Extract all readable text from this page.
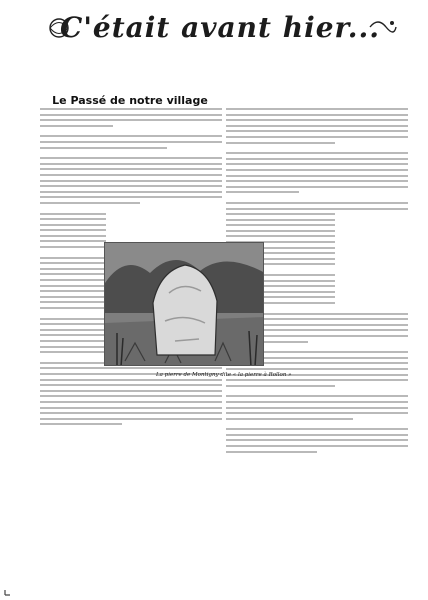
C'était avant hier...
Le Passé de notre village
La pierre de Montigny dite « la pierre à Rollon »
